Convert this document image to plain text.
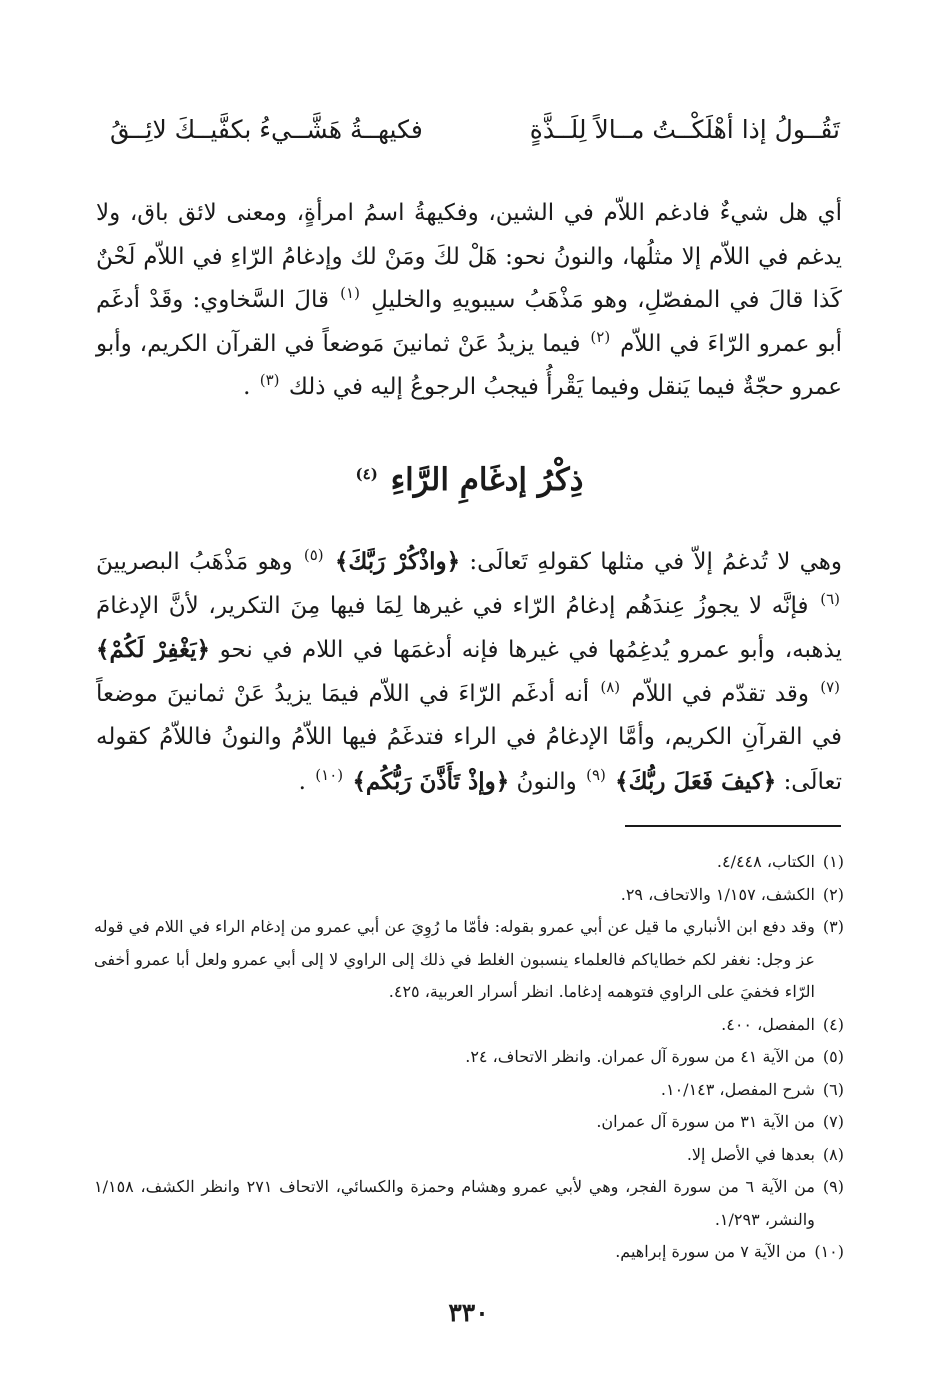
تَقُــولُ إذا أهْلَكْــتُ مــالاً لِلَــذَّةٍ
فكيهــةُ هَشَّــيءُ بكفَّيــكَ لائِــقُ

أي هل شيءٌ فادغم اللاّم في الشين، وفكيهةُ اسمُ امرأةٍ، ومعنى لائق باق، ولا يدغم في اللاّم إلا مثلُها، والنونُ نحو: هَلْ لكَ ومَنْ لك وإدغامُ الرّاءِ في اللاّم لَحْنٌ كَذا قالَ في المفصّلِ، وهو مَذْهَبُ سيبويهِ والخليلِ $^{(١)}$ قالَ السَّخاوي: وقَدْ أدغَم أبو عمرو الرّاءَ في اللاّم $^{(٢)}$ فيما يزيدُ عَنْ ثمانينَ مَوضعاً في القرآن الكريم، وأبو عمرو حجّةٌ فيما يَنقل وفيما يَقْرأُ فيجبُ الرجوعُ إليه في ذلك $^{(٣)}$ .

ذِكْرُ إدغَامِ الرَّاءِ $^{(٤)}$

وهي لا تُدغمُ إلاّ في مثلها كقولهِ تَعالَى: ﴿واذْكُرْ رَبَّكَ﴾ $^{(٥)}$ وهو مَذْهَبُ البصريينَ $^{(٦)}$ فإنَّه لا يجوزُ عِندَهُم إدغامُ الرّاء في غيرها لِمَا فيها مِنَ التكرير، لأنَّ الإدغامَ يذهبه، وأبو عمرو يُدغِمُها في غيرها فإنه أدغمَها في اللام في نحو ﴿يَغْفِرْ لَكُمْ﴾ $^{(٧)}$ وقد تقدّم في اللاّم $^{(٨)}$ أنه أدغَم الرّاءَ في اللاّم فيمَا يزيدُ عَنْ ثمانينَ موضعاً في القرآنِ الكريم، وأمَّا الإدغامُ في الراء فتدغَمُ فيها اللاّمُ والنونُ فاللاّمُ كقوله تعالَى: ﴿كيفَ فَعَلَ ربُّكَ﴾ $^{(٩)}$ والنونُ ﴿وإذْ تَأَذَّنَ رَبُّكُم﴾ $^{(١٠)}$ .

(١)
الكتاب، ٤/٤٤٨.
(٢)
الكشف، ١/١٥٧ والاتحاف، ٢٩.
(٣)
وقد دفع ابن الأنباري ما قيل عن أبي عمرو بقوله: فأمّا ما رُوِيَ عن أبي عمرو من إدغام الراء في اللام في قوله عز وجل: نغفر لكم خطاياكم فالعلماء ينسبون الغلط في ذلك إلى الراوي لا إلى أبي عمرو ولعل أبا عمرو أخفى الرّاء فخفيَ على الراوي فتوهمه إدغاما. انظر أسرار العربية، ٤٢٥.
(٤)
المفصل، ٤٠٠.
(٥)
من الآية ٤١ من سورة آل عمران. وانظر الاتحاف، ٢٤.
(٦)
شرح المفصل، ١٠/١٤٣.
(٧)
من الآية ٣١ من سورة آل عمران.
(٨)
بعدها في الأصل إلا.
(٩)
من الآية ٦ من سورة الفجر، وهي لأبي عمرو وهشام وحمزة والكسائي، الاتحاف ٢٧١ وانظر الكشف، ١/١٥٨ والنشر، ١/٢٩٣.
(١٠)
من الآية ٧ من سورة إبراهيم.
٣٣٠
